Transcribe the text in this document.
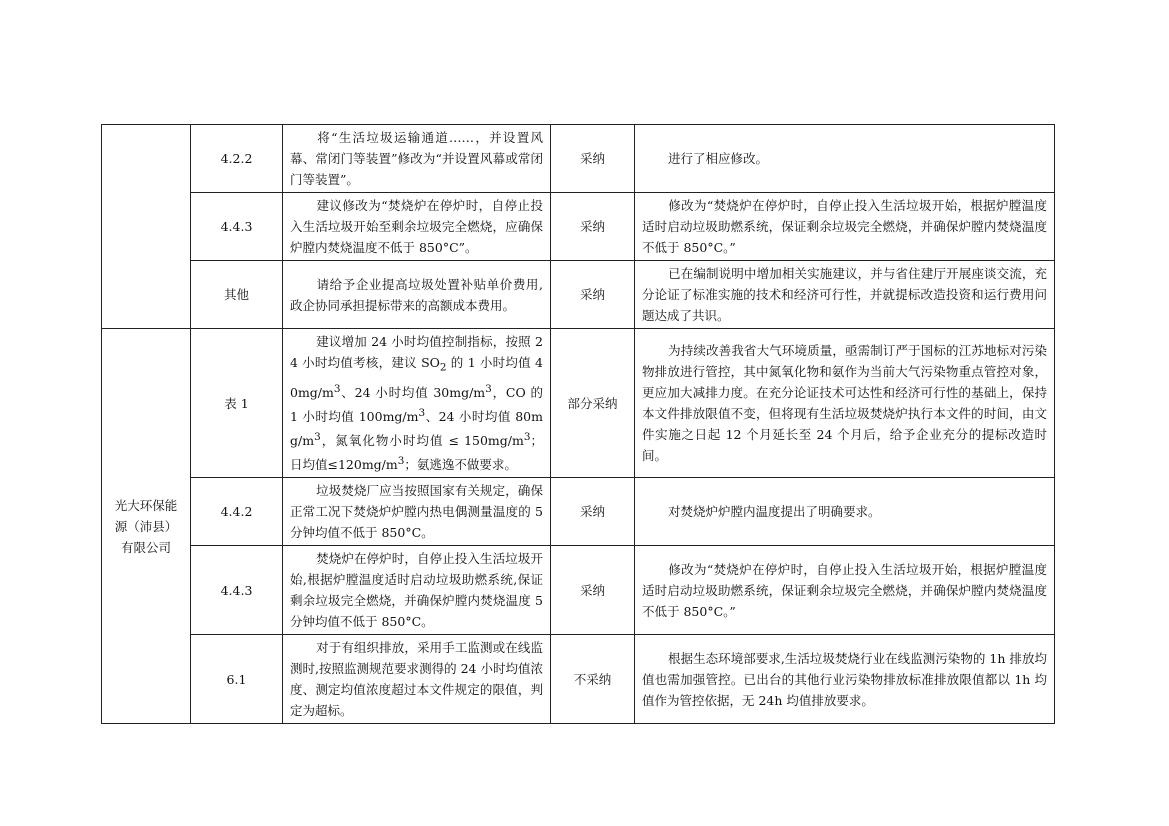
	4.2.2	将“生活垃圾运输通道……，并设置风幕、常闭门等装置”修改为“并设置风幕或常闭门等装置”。	采纳	进行了相应修改。
	4.4.3	建议修改为“焚烧炉在停炉时，自停止投入生活垃圾开始至剩余垃圾完全燃烧，应确保炉膛内焚烧温度不低于 850°C”。	采纳	修改为“焚烧炉在停炉时，自停止投入生活垃圾开始，根据炉膛温度适时启动垃圾助燃系统，保证剩余垃圾完全燃烧，并确保炉膛内焚烧温度不低于 850°C。”
	其他	请给予企业提高垃圾处置补贴单价费用,政企协同承担提标带来的高额成本费用。	采纳	已在编制说明中增加相关实施建议，并与省住建厅开展座谈交流，充分论证了标准实施的技术和经济可行性，并就提标改造投资和运行费用问题达成了共识。
光大环保能源（沛县）有限公司	表 1	建议增加 24 小时均值控制指标，按照 24 小时均值考核，建议 $SO_2$ 的 1 小时均值 $40mg/m^3$、24 小时均值 $30mg/m^3$，CO 的 1 小时均值 $100mg/m^3$、24 小时均值 $80mg/m^3$，氮氧化物小时均值 ≤ $150mg/m^3$；日均值$\le 120mg/m^3$；氨逃逸不做要求。	部分采纳	为持续改善我省大气环境质量，亟需制订严于国标的江苏地标对污染物排放进行管控，其中氮氧化物和氨作为当前大气污染物重点管控对象，更应加大减排力度。在充分论证技术可达性和经济可行性的基础上，保持本文件排放限值不变，但将现有生活垃圾焚烧炉执行本文件的时间，由文件实施之日起 12 个月延长至 24 个月后，给予企业充分的提标改造时间。
	4.4.2	垃圾焚烧厂应当按照国家有关规定，确保正常工况下焚烧炉炉膛内热电偶测量温度的 5 分钟均值不低于 850°C。	采纳	对焚烧炉炉膛内温度提出了明确要求。
	4.4.3	焚烧炉在停炉时，自停止投入生活垃圾开始,根据炉膛温度适时启动垃圾助燃系统,保证剩余垃圾完全燃烧，并确保炉膛内焚烧温度 5 分钟均值不低于 850°C。	采纳	修改为“焚烧炉在停炉时，自停止投入生活垃圾开始，根据炉膛温度适时启动垃圾助燃系统，保证剩余垃圾完全燃烧，并确保炉膛内焚烧温度不低于 850°C。”
	6.1	对于有组织排放，采用手工监测或在线监测时,按照监测规范要求测得的 24 小时均值浓度、测定均值浓度超过本文件规定的限值，判定为超标。	不采纳	根据生态环境部要求,生活垃圾焚烧行业在线监测污染物的 1h 排放均值也需加强管控。已出台的其他行业污染物排放标准排放限值都以 1h 均值作为管控依据，无 24h 均值排放要求。
